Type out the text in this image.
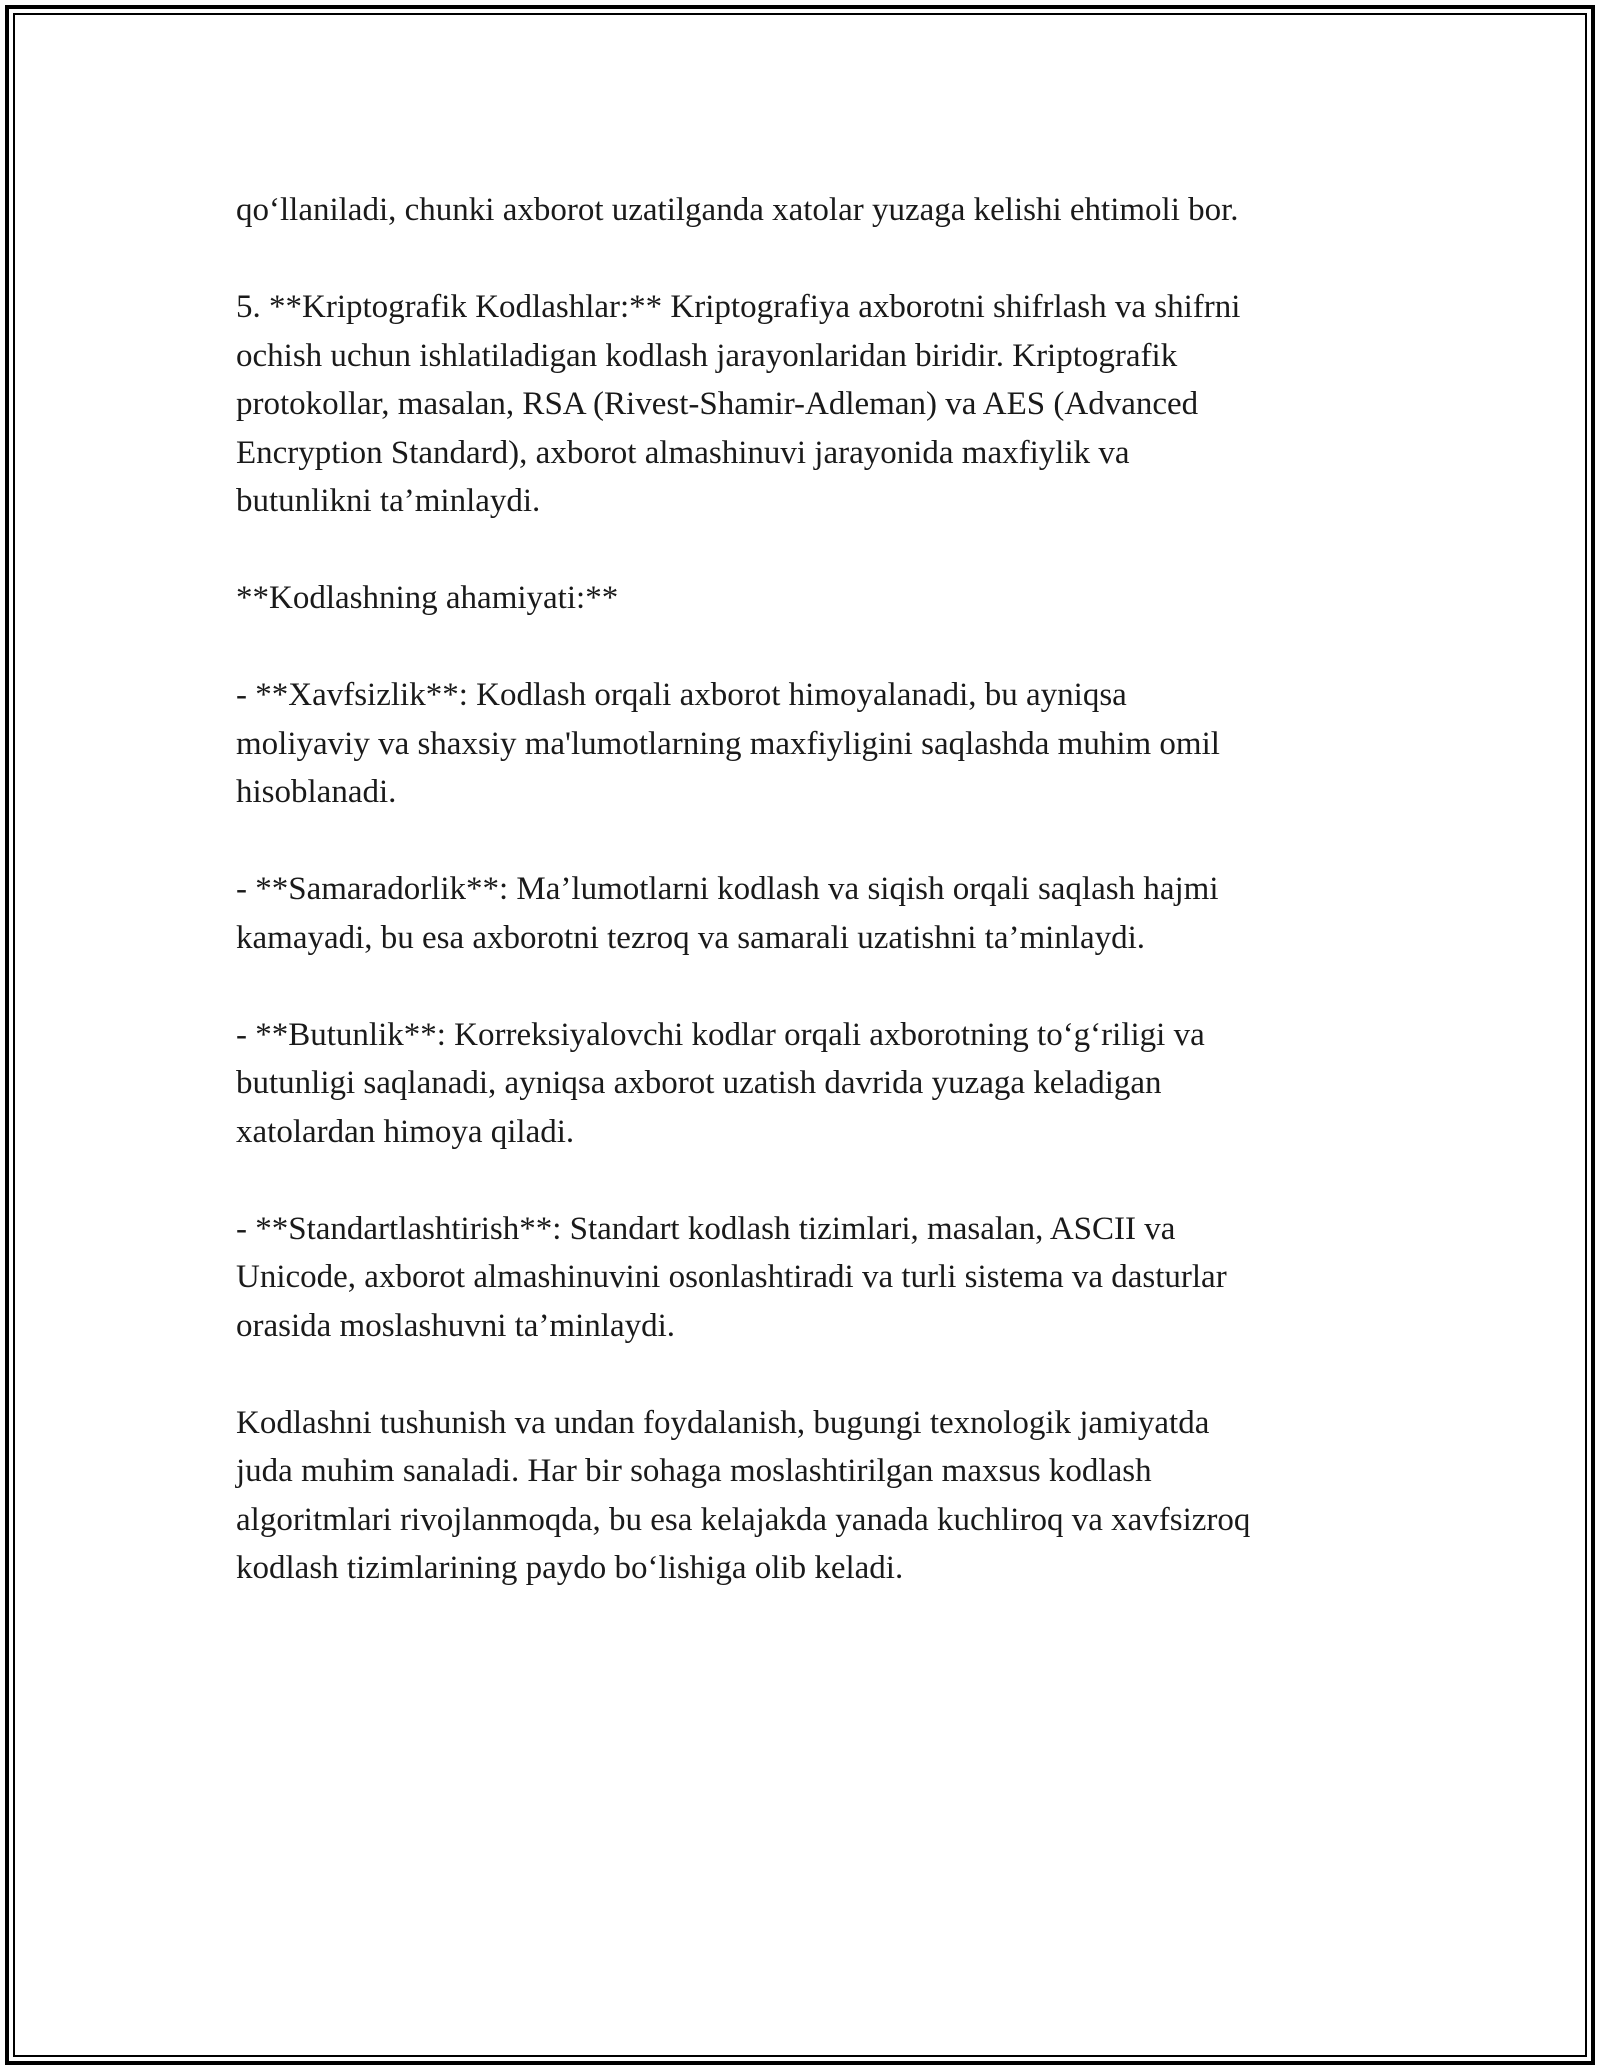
qo‘llaniladi, chunki axborot uzatilganda xatolar yuzaga kelishi ehtimoli bor.

5. **Kriptografik Kodlashlar:** Kriptografiya axborotni shifrlash va shifrni
ochish uchun ishlatiladigan kodlash jarayonlaridan biridir. Kriptografik
protokollar, masalan, RSA (Rivest-Shamir-Adleman) va AES (Advanced
Encryption Standard), axborot almashinuvi jarayonida maxfiylik va
butunlikni ta’minlaydi.

**Kodlashning ahamiyati:**

- **Xavfsizlik**: Kodlash orqali axborot himoyalanadi, bu ayniqsa
moliyaviy va shaxsiy ma'lumotlarning maxfiyligini saqlashda muhim omil
hisoblanadi.

- **Samaradorlik**: Ma’lumotlarni kodlash va siqish orqali saqlash hajmi
kamayadi, bu esa axborotni tezroq va samarali uzatishni ta’minlaydi.

- **Butunlik**: Korreksiyalovchi kodlar orqali axborotning to‘g‘riligi va
butunligi saqlanadi, ayniqsa axborot uzatish davrida yuzaga keladigan
xatolardan himoya qiladi.

- **Standartlashtirish**: Standart kodlash tizimlari, masalan, ASCII va
Unicode, axborot almashinuvini osonlashtiradi va turli sistema va dasturlar
orasida moslashuvni ta’minlaydi.

Kodlashni tushunish va undan foydalanish, bugungi texnologik jamiyatda
juda muhim sanaladi. Har bir sohaga moslashtirilgan maxsus kodlash
algoritmlari rivojlanmoqda, bu esa kelajakda yanada kuchliroq va xavfsizroq
kodlash tizimlarining paydo bo‘lishiga olib keladi.
